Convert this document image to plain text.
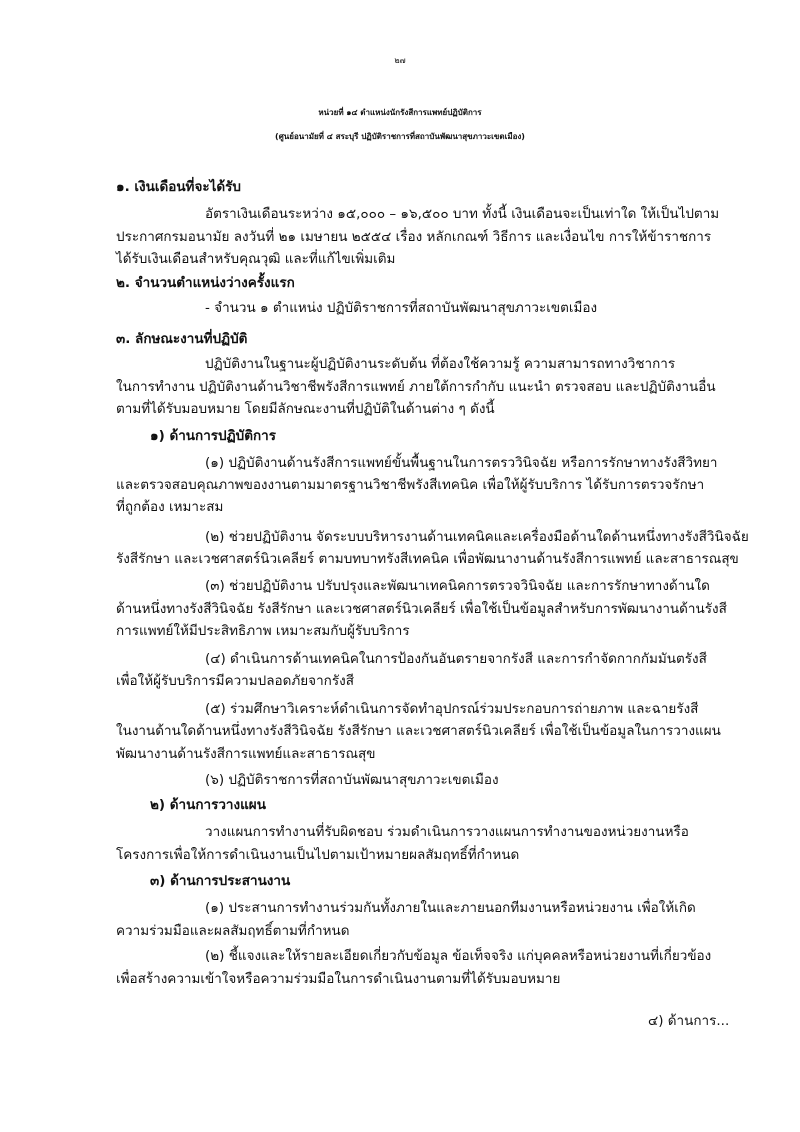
๒๗
หน่วยที่ ๑๔ ตำแหน่งนักรังสีการแพทย์ปฏิบัติการ
(ศูนย์อนามัยที่ ๔ สระบุรี ปฏิบัติราชการที่สถาบันพัฒนาสุขภาวะเขตเมือง)
๑. เงินเดือนที่จะได้รับ
อัตราเงินเดือนระหว่าง ๑๕,๐๐๐ – ๑๖,๕๐๐ บาท ทั้งนี้ เงินเดือนจะเป็นเท่าใด ให้เป็นไปตาม
ประกาศกรมอนามัย ลงวันที่ ๒๑ เมษายน ๒๕๕๔ เรื่อง หลักเกณฑ์ วิธีการ และเงื่อนไข การให้ข้าราชการ
ได้รับเงินเดือนสำหรับคุณวุฒิ และที่แก้ไขเพิ่มเติม
๒. จำนวนตำแหน่งว่างครั้งแรก
- จำนวน ๑ ตำแหน่ง ปฏิบัติราชการที่สถาบันพัฒนาสุขภาวะเขตเมือง
๓. ลักษณะงานที่ปฏิบัติ
ปฏิบัติงานในฐานะผู้ปฏิบัติงานระดับต้น ที่ต้องใช้ความรู้ ความสามารถทางวิชาการ
ในการทำงาน ปฏิบัติงานด้านวิชาชีพรังสีการแพทย์ ภายใต้การกำกับ แนะนำ ตรวจสอบ และปฏิบัติงานอื่น
ตามที่ได้รับมอบหมาย โดยมีลักษณะงานที่ปฏิบัติในด้านต่าง ๆ ดังนี้
๑) ด้านการปฏิบัติการ
(๑) ปฏิบัติงานด้านรังสีการแพทย์ขั้นพื้นฐานในการตรววินิจฉัย หรือการรักษาทางรังสีวิทยา
และตรวจสอบคุณภาพของงานตามมาตรฐานวิชาชีพรังสีเทคนิค เพื่อให้ผู้รับบริการ ได้รับการตรวจรักษา
ที่ถูกต้อง เหมาะสม
(๒) ช่วยปฏิบัติงาน จัดระบบบริหารงานด้านเทคนิคและเครื่องมือด้านใดด้านหนึ่งทางรังสีวินิจฉัย
รังสีรักษา และเวชศาสตร์นิวเคลียร์ ตามบทบาทรังสีเทคนิค เพื่อพัฒนางานด้านรังสีการแพทย์ และสาธารณสุข
(๓) ช่วยปฏิบัติงาน ปรับปรุงและพัฒนาเทคนิคการตรวจวินิจฉัย และการรักษาทางด้านใด
ด้านหนึ่งทางรังสีวินิจฉัย รังสีรักษา และเวชศาสตร์นิวเคลียร์ เพื่อใช้เป็นข้อมูลสำหรับการพัฒนางานด้านรังสี
การแพทย์ให้มีประสิทธิภาพ เหมาะสมกับผู้รับบริการ
(๔) ดำเนินการด้านเทคนิคในการป้องกันอันตรายจากรังสี และการกำจัดกากกัมมันตรังสี
เพื่อให้ผู้รับบริการมีความปลอดภัยจากรังสี
(๕) ร่วมศึกษาวิเคราะห์ดำเนินการจัดทำอุปกรณ์ร่วมประกอบการถ่ายภาพ และฉายรังสี
ในงานด้านใดด้านหนึ่งทางรังสีวินิจฉัย รังสีรักษา และเวชศาสตร์นิวเคลียร์ เพื่อใช้เป็นข้อมูลในการวางแผน
พัฒนางานด้านรังสีการแพทย์และสาธารณสุข
(๖) ปฏิบัติราชการที่สถาบันพัฒนาสุขภาวะเขตเมือง
๒) ด้านการวางแผน
วางแผนการทำงานที่รับผิดชอบ ร่วมดำเนินการวางแผนการทำงานของหน่วยงานหรือ
โครงการเพื่อให้การดำเนินงานเป็นไปตามเป้าหมายผลสัมฤทธิ์ที่กำหนด
๓) ด้านการประสานงาน
(๑) ประสานการทำงานร่วมกันทั้งภายในและภายนอกทีมงานหรือหน่วยงาน เพื่อให้เกิด
ความร่วมมือและผลสัมฤทธิ์ตามที่กำหนด
(๒) ชี้แจงและให้รายละเอียดเกี่ยวกับข้อมูล ข้อเท็จจริง แก่บุคคลหรือหน่วยงานที่เกี่ยวข้อง
เพื่อสร้างความเข้าใจหรือความร่วมมือในการดำเนินงานตามที่ได้รับมอบหมาย
๔) ด้านการ...
